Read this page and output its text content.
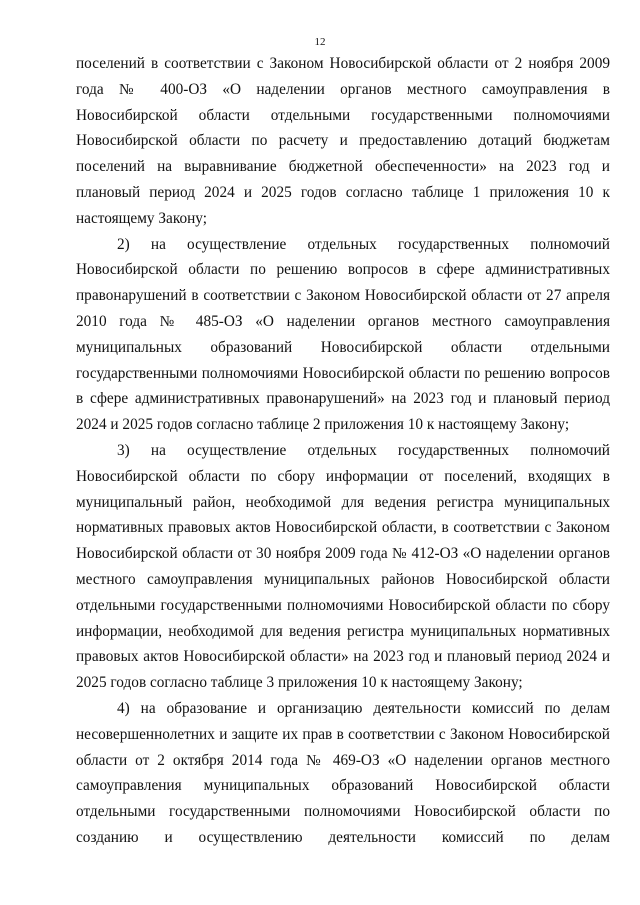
12

поселений в соответствии с Законом Новосибирской области от 2 ноября 2009 года № 400-ОЗ «О наделении органов местного самоуправления в Новосибирской области отдельными государственными полномочиями Новосибирской области по расчету и предоставлению дотаций бюджетам поселений на выравнивание бюджетной обеспеченности» на 2023 год и плановый период 2024 и 2025 годов согласно таблице 1 приложения 10 к настоящему Закону;

2) на осуществление отдельных государственных полномочий Новосибирской области по решению вопросов в сфере административных правонарушений в соответствии с Законом Новосибирской области от 27 апреля 2010 года № 485-ОЗ «О наделении органов местного самоуправления муниципальных образований Новосибирской области отдельными государственными полномочиями Новосибирской области по решению вопросов в сфере административных правонарушений» на 2023 год и плановый период 2024 и 2025 годов согласно таблице 2 приложения 10 к настоящему Закону;

3) на осуществление отдельных государственных полномочий Новосибирской области по сбору информации от поселений, входящих в муниципальный район, необходимой для ведения регистра муниципальных нормативных правовых актов Новосибирской области, в соответствии с Законом Новосибирской области от 30 ноября 2009 года № 412-ОЗ «О наделении органов местного самоуправления муниципальных районов Новосибирской области отдельными государственными полномочиями Новосибирской области по сбору информации, необходимой для ведения регистра муниципальных нормативных правовых актов Новосибирской области» на 2023 год и плановый период 2024 и 2025 годов согласно таблице 3 приложения 10 к настоящему Закону;

4) на образование и организацию деятельности комиссий по делам несовершеннолетних и защите их прав в соответствии с Законом Новосибирской области от 2 октября 2014 года № 469-ОЗ «О наделении органов местного самоуправления муниципальных образований Новосибирской области отдельными государственными полномочиями Новосибирской области по созданию и осуществлению деятельности комиссий по делам
